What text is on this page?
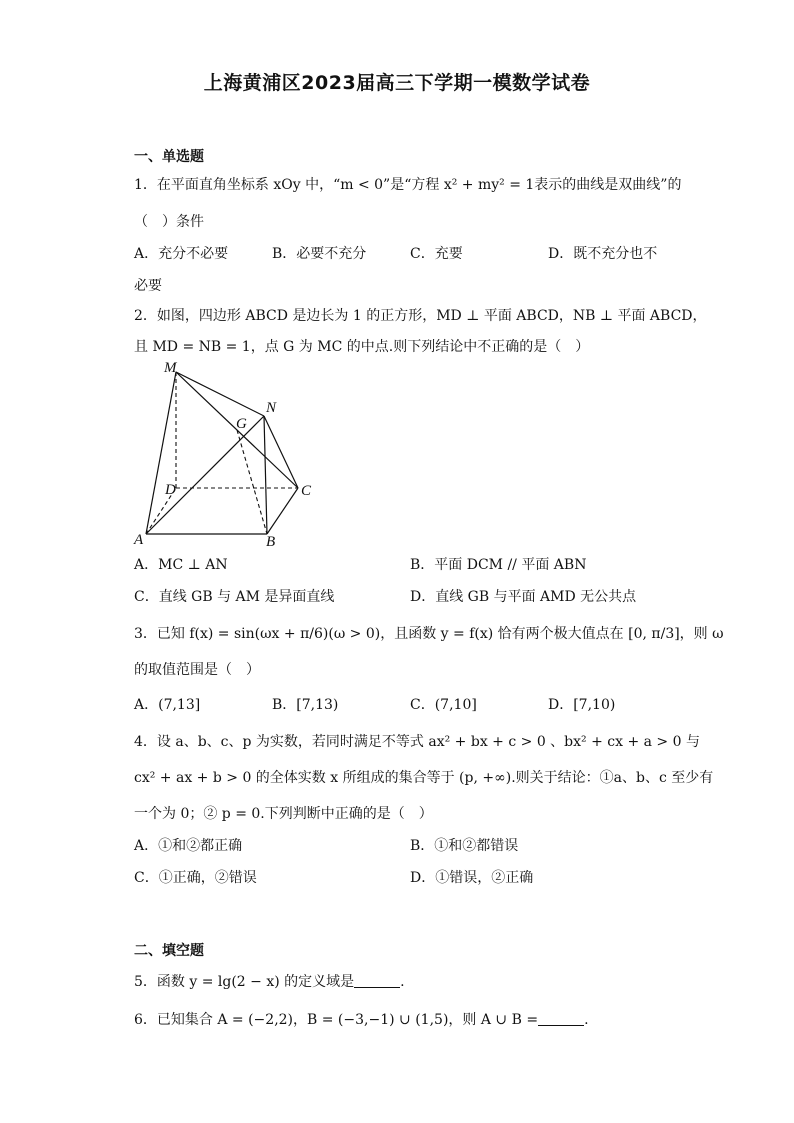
上海黄浦区2023届高三下学期一模数学试卷
一、单选题
1．在平面直角坐标系 xOy 中，“m < 0”是“方程 x² + my² = 1表示的曲线是双曲线”的
（　）条件
A．充分不必要	B．必要不充分	C．充要	D．既不充分也不
必要
2．如图，四边形 ABCD 是边长为 1 的正方形，MD ⊥ 平面 ABCD，NB ⊥ 平面 ABCD，
且 MD = NB = 1，点 G 为 MC 的中点.则下列结论中不正确的是（　）
M
N
G
D	C
A	B
A．MC ⊥ AN	B．平面 DCM // 平面 ABN
C．直线 GB 与 AM 是异面直线	D．直线 GB 与平面 AMD 无公共点
3．已知 f(x) = sin(ωx + π/6)(ω > 0)，且函数 y = f(x) 恰有两个极大值点在 [0, π/3]，则 ω
的取值范围是（　）
A．(7,13]	B．[7,13)	C．(7,10]	D．[7,10)
4．设 a、b、c、p 为实数，若同时满足不等式 ax² + bx + c > 0 、bx² + cx + a > 0 与
cx² + ax + b > 0 的全体实数 x 所组成的集合等于 (p, +∞).则关于结论：①a、b、c 至少有
一个为 0；② p = 0.下列判断中正确的是（　）
A．①和②都正确	B．①和②都错误
C．①正确，②错误	D．①错误，②正确
二、填空题
5．函数 y = lg(2 − x) 的定义域是	.
6．已知集合 A = (−2,2)，B = (−3,−1) ∪ (1,5)，则 A ∪ B =	.
